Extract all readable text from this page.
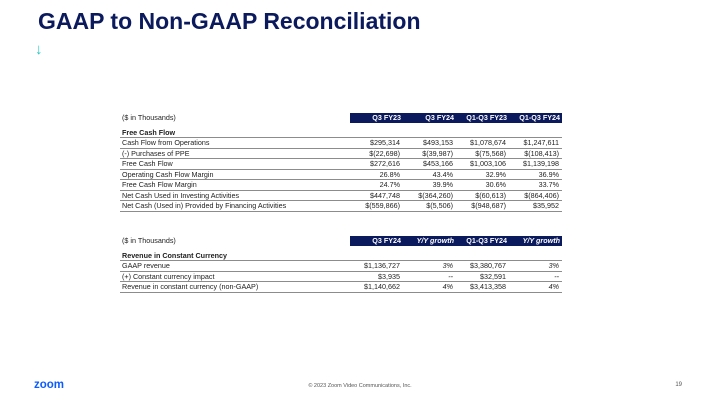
GAAP to Non-GAAP Reconciliation
↓
($ in Thousands)	Q3 FY23	Q3 FY24	Q1-Q3 FY23	Q1-Q3 FY24

Free Cash Flow				
Cash Flow from Operations	$295,314	$493,153	$1,078,674	$1,247,611
(-) Purchases of PPE	$(22,698)	$(39,987)	$(75,568)	$(108,413)
Free Cash Flow	$272,616	$453,166	$1,003,106	$1,139,198
Operating Cash Flow Margin	26.8%	43.4%	32.9%	36.9%
Free Cash Flow Margin	24.7%	39.9%	30.6%	33.7%
Net Cash Used in Investing Activities	$447,748	$(364,260)	$(60,613)	$(864,406)
Net Cash (Used in) Provided by Financing Activities	$(559,866)	$(5,506)	$(948,687)	$35,952
($ in Thousands)	Q3 FY24	Y/Y growth	Q1-Q3 FY24	Y/Y growth

Revenue in Constant Currency				
GAAP revenue	$1,136,727	3%	$3,380,767	3%
(+) Constant currency impact	$3,935	--	$32,591	--
Revenue in constant currency (non-GAAP)	$1,140,662	4%	$3,413,358	4%
zoom	© 2023 Zoom Video Communications, Inc.	19
